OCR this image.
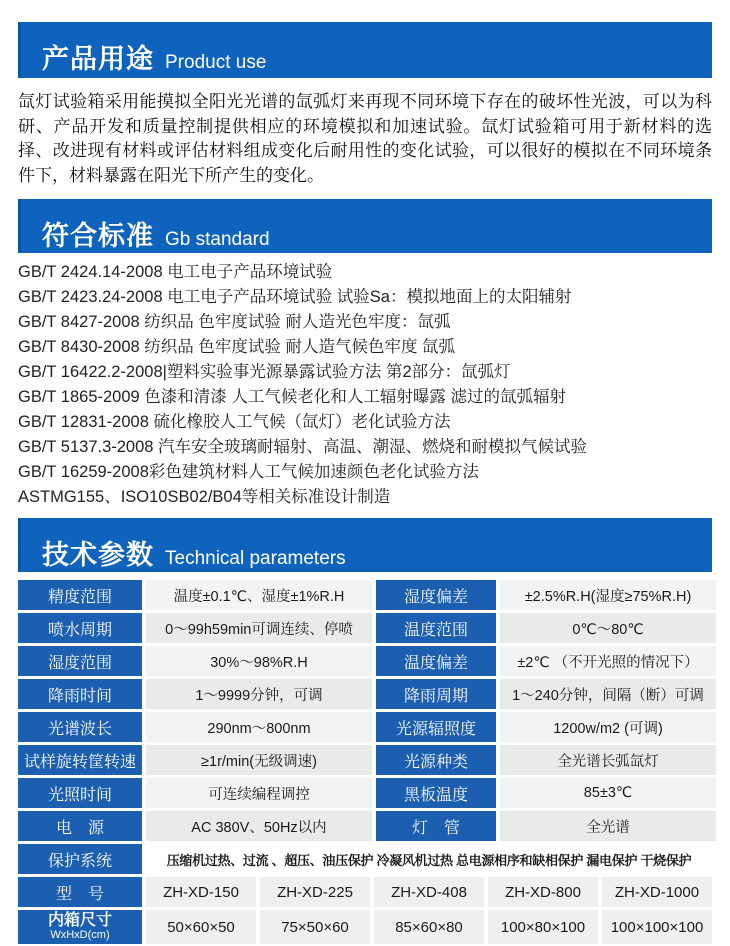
产品用途 Product use

氙灯试验箱采用能摸拟全阳光光谱的氙弧灯来再现不同环境下存在的破坏性光波，可以为科研、产品开发和质量控制提供相应的环境模拟和加速试验。氙灯试验箱可用于新材料的选择、改进现有材料或评估材料组成变化后耐用性的变化试验，可以很好的模拟在不同环境条件下，材料暴露在阳光下所产生的变化。

符合标准 Gb standard
GB/T 2424.14-2008 电工电子产品环境试验
GB/T 2423.24-2008 电工电子产品环境试验 试验Sa：模拟地面上的太阳辅射
GB/T 8427-2008 纺织品 色牢度试验 耐人造光色牢度：氙弧
GB/T 8430-2008 纺织品 色牢度试验 耐人造气候色牢度 氙弧
GB/T 16422.2-2008|塑料实验事光源暴露试验方法 第2部分：氙弧灯
GB/T 1865-2009 色漆和清漆 人工气候老化和人工辐射曝露 滤过的氙弧辐射
GB/T 12831-2008 硫化橡胶人工气候（氙灯）老化试验方法
GB/T 5137.3-2008 汽车安全玻璃耐辐射、高温、潮湿、燃烧和耐模拟气候试验
GB/T 16259-2008彩色建筑材料人工气候加速颜色老化试验方法
ASTMG155、ISO10SB02/B04等相关标准设计制造
技术参数 Technical parameters
精度范围	温度±0.1℃、湿度±1%R.H	湿度偏差	±2.5%R.H(湿度≥75%R.H)
喷水周期	0～99h59min可调连续、停喷	温度范围	0℃～80℃
湿度范围	30%～98%R.H	温度偏差	±2℃ （不开光照的情况下）
降雨时间	1～9999分钟，可调	降雨周期	1～240分钟，间隔（断）可调
光谱波长	290nm～800nm	光源辐照度	1200w/m2 (可调)
试样旋转筐转速	≥1r/min(无级调速)	光源种类	全光谱长弧氙灯
光照时间	可连续编程调控	黑板温度	85±3℃
电　源	AC 380V、50Hz以内	灯　管	全光谱
保护系统	压缩机过热、过流 、超压、油压保护 冷凝风机过热 总电源相序和缺相保护 漏电保护 干烧保护
型　号	ZH-XD-150	ZH-XD-225	ZH-XD-408	ZH-XD-800	ZH-XD-1000
内箱尺寸
WxHxD(cm)	50×60×50	75×50×60	85×60×80	100×80×100	100×100×100
